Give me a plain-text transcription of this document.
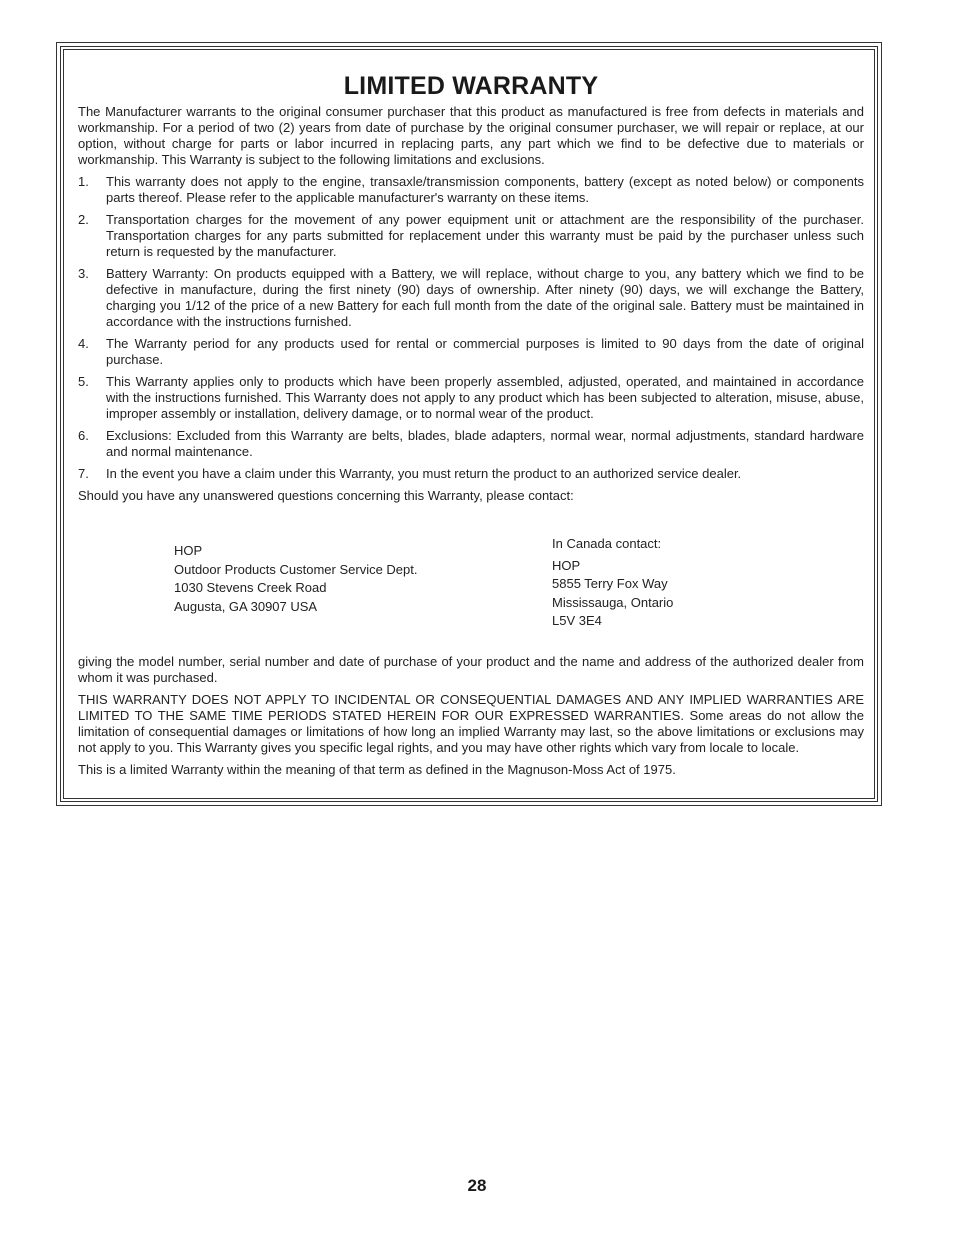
LIMITED WARRANTY

The Manufacturer warrants to the original consumer purchaser that this product as manufactured is free from defects in materials and workmanship. For a period of two (2) years from date of purchase by the original consumer purchaser, we will repair or replace, at our option, without charge for parts or labor incurred in replacing parts, any part which we find to be defective due to materials or workmanship. This Warranty is subject to the following limitations and exclusions.

1.	This warranty does not apply to the engine, transaxle/transmission components, battery (except as noted below) or components parts thereof. Please refer to the applicable manufacturer's warranty on these items.
2.	Transportation charges for the movement of any power equipment unit or attachment are the responsibility of the purchaser. Transportation charges for any parts submitted for replacement under this warranty must be paid by the purchaser unless such return is requested by the manufacturer.
3.	Battery Warranty: On products equipped with a Battery, we will replace, without charge to you, any battery which we find to be defective in manufacture, during the first ninety (90) days of ownership. After ninety (90) days, we will exchange the Battery, charging you 1/12 of the price of a new Battery for each full month from the date of the original sale. Battery must be maintained in accordance with the instructions furnished.
4.	The Warranty period for any products used for rental or commercial purposes is limited to 90 days from the date of original purchase.
5.	This Warranty applies only to products which have been properly assembled, adjusted, operated, and maintained in accordance with the instructions furnished. This Warranty does not apply to any product which has been subjected to alteration, misuse, abuse, improper assembly or installation, delivery damage, or to normal wear of the product.
6.	Exclusions: Excluded from this Warranty are belts, blades, blade adapters, normal wear, normal adjustments, standard hardware and normal maintenance.
7.	In the event you have a claim under this Warranty, you must return the product to an authorized service dealer.

Should you have any unanswered questions concerning this Warranty, please contact:

HOP
Outdoor Products Customer Service Dept.
1030 Stevens Creek Road
Augusta, GA 30907 USA
In Canada contact:
HOP
5855 Terry Fox Way
Mississauga, Ontario
L5V 3E4

giving the model number, serial number and date of purchase of your product and the name and address of the authorized dealer from whom it was purchased.

THIS WARRANTY DOES NOT APPLY TO INCIDENTAL OR CONSEQUENTIAL DAMAGES AND ANY IMPLIED WARRANTIES ARE LIMITED TO THE SAME TIME PERIODS STATED HEREIN FOR OUR EXPRESSED WARRANTIES. Some areas do not allow the limitation of consequential damages or limitations of how long an implied Warranty may last, so the above limitations or exclusions may not apply to you. This Warranty gives you specific legal rights, and you may have other rights which vary from locale to locale.

This is a limited Warranty within the meaning of that term as defined in the Magnuson-Moss Act of 1975.

28
